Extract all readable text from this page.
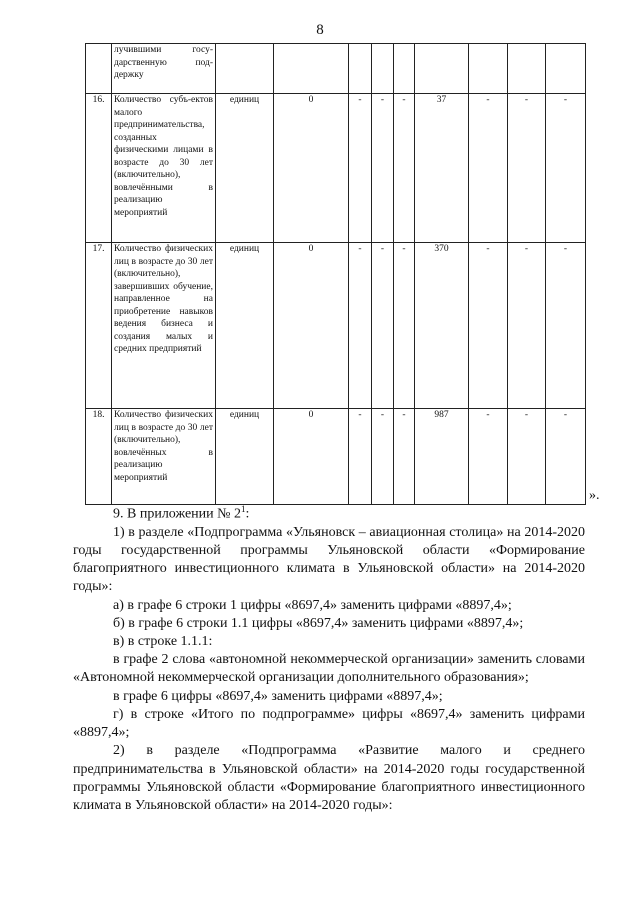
8
	лучившими госу-дарственную под-держку									
16.	Количество субъ-ектов малого предпринимательства, созданных физическими лицами в возрасте до 30 лет (включительно), вовлечёнными в реализацию мероприятий	единиц	0	-	-	-	37	-	-	-
17.	Количество физических лиц в возрасте до 30 лет (включительно), завершивших обучение, направленное на приобретение навыков ведения бизнеса и создания малых и средних предприятий	единиц	0	-	-	-	370	-	-	-
18.	Количество физических лиц в возрасте до 30 лет (включительно), вовлечённых в реализацию мероприятий	единиц	0	-	-	-	987	-	-	-
».

9. В приложении № $2^1$:

1) в разделе «Подпрограмма «Ульяновск – авиационная столица» на 2014-2020 годы государственной программы Ульяновской области «Формирование благоприятного инвестиционного климата в Ульяновской области» на 2014-2020 годы»:

а) в графе 6 строки 1 цифры «8697,4» заменить цифрами «8897,4»;

б) в графе 6 строки 1.1 цифры «8697,4» заменить цифрами «8897,4»;

в) в строке 1.1.1:

в графе 2 слова «автономной некоммерческой организации» заменить словами «Автономной некоммерческой организации дополнительного образования»;

в графе 6 цифры «8697,4» заменить цифрами «8897,4»;

г) в строке «Итого по подпрограмме» цифры «8697,4» заменить цифрами «8897,4»;

2) в разделе «Подпрограмма «Развитие малого и среднего предпринимательства в Ульяновской области» на 2014-2020 годы государственной программы Ульяновской области «Формирование благоприятного инвестиционного климата в Ульяновской области» на 2014-2020 годы»:
